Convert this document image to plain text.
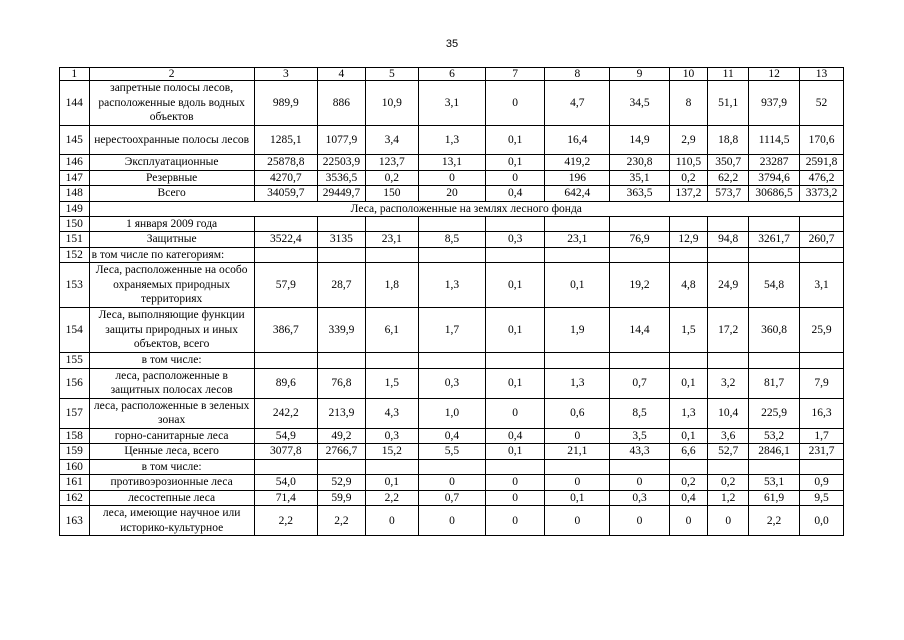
35
1	2	3	4	5	6	7	8	9	10	11	12	13
144	запретные полосы лесов, расположенные вдоль водных объектов	989,9	886	10,9	3,1	0	4,7	34,5	8	51,1	937,9	52
145	нерестоохранные полосы лесов	1285,1	1077,9	3,4	1,3	0,1	16,4	14,9	2,9	18,8	1114,5	170,6
146	Эксплуатационные	25878,8	22503,9	123,7	13,1	0,1	419,2	230,8	110,5	350,7	23287	2591,8
147	Резервные	4270,7	3536,5	0,2	0	0	196	35,1	0,2	62,2	3794,6	476,2
148	Всего	34059,7	29449,7	150	20	0,4	642,4	363,5	137,2	573,7	30686,5	3373,2
149	Леса, расположенные на землях лесного фонда											
150	1 января 2009 года											
151	Защитные	3522,4	3135	23,1	8,5	0,3	23,1	76,9	12,9	94,8	3261,7	260,7
152	в том числе по категориям:											
153	Леса, расположенные на особо охраняемых природных территориях	57,9	28,7	1,8	1,3	0,1	0,1	19,2	4,8	24,9	54,8	3,1
154	Леса, выполняющие функции защиты природных и иных объектов, всего	386,7	339,9	6,1	1,7	0,1	1,9	14,4	1,5	17,2	360,8	25,9
155	в том числе:											
156	леса, расположенные в защитных полосах лесов	89,6	76,8	1,5	0,3	0,1	1,3	0,7	0,1	3,2	81,7	7,9
157	леса, расположенные в зеленых зонах	242,2	213,9	4,3	1,0	0	0,6	8,5	1,3	10,4	225,9	16,3
158	горно-санитарные леса	54,9	49,2	0,3	0,4	0,4	0	3,5	0,1	3,6	53,2	1,7
159	Ценные леса, всего	3077,8	2766,7	15,2	5,5	0,1	21,1	43,3	6,6	52,7	2846,1	231,7
160	в том числе:											
161	противоэрозионные леса	54,0	52,9	0,1	0	0	0	0	0,2	0,2	53,1	0,9
162	лесостепные леса	71,4	59,9	2,2	0,7	0	0,1	0,3	0,4	1,2	61,9	9,5
163	леса, имеющие научное или историко-культурное	2,2	2,2	0	0	0	0	0	0	0	2,2	0,0
